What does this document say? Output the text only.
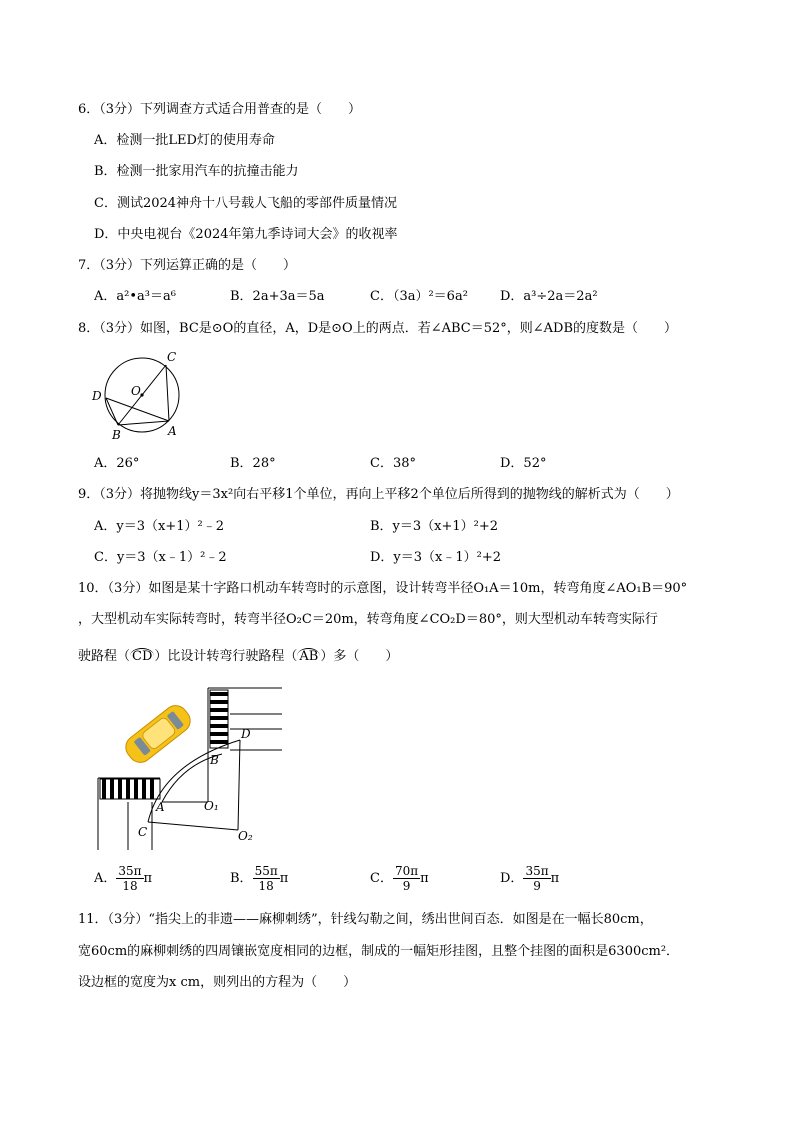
6．（3分）下列调查方式适合用普查的是（　　）
A．检测一批LED灯的使用寿命
B．检测一批家用汽车的抗撞击能力
C．测试2024神舟十八号载人飞船的零部件质量情况
D．中央电视台《2024年第九季诗词大会》的收视率
7．（3分）下列运算正确的是（　　）
A．a²•a³＝a⁶	B．2a+3a＝5a	C．（3a）²＝6a² D．a³÷2a＝2a²
8．（3分）如图，BC是⊙O的直径，A，D是⊙O上的两点．若∠ABC＝52°，则∠ADB的度数是（　　）
C
D O
B	A
A．26°	B．28°	C．38°	D．52°
9．（3分）将抛物线y＝3x²向右平移1个单位，再向上平移2个单位后所得到的抛物线的解析式为（　　）
A．y＝3（x+1）²﹣2	B．y＝3（x+1）²+2
C．y＝3（x﹣1）²﹣2	D．y＝3（x﹣1）²+2
10．（3分）如图是某十字路口机动车转弯时的示意图，设计转弯半径O₁A＝10m，转弯角度∠AO₁B＝90°
，大型机动车实际转弯时，转弯半径O₂C＝20m，转弯角度∠CO₂D＝80°，则大型机动车转弯实际行
驶路程（ CD ）比设计转弯行驶路程（ AB ）多（　　）
D
B
A	O₁
C	O₂
A． $\frac{35\pi}{18}$ π	B． $\frac{55\pi}{18}$ π	C． $\frac{70\pi}{9}$ π	D． $\frac{35\pi}{9}$ π
11．（3分）“指尖上的非遗——麻柳刺绣”，针线勾勒之间，绣出世间百态．如图是在一幅长80cm，
宽60cm的麻柳刺绣的四周镶嵌宽度相同的边框，制成的一幅矩形挂图，且整个挂图的面积是6300cm²．
设边框的宽度为x cm，则列出的方程为（　　）
